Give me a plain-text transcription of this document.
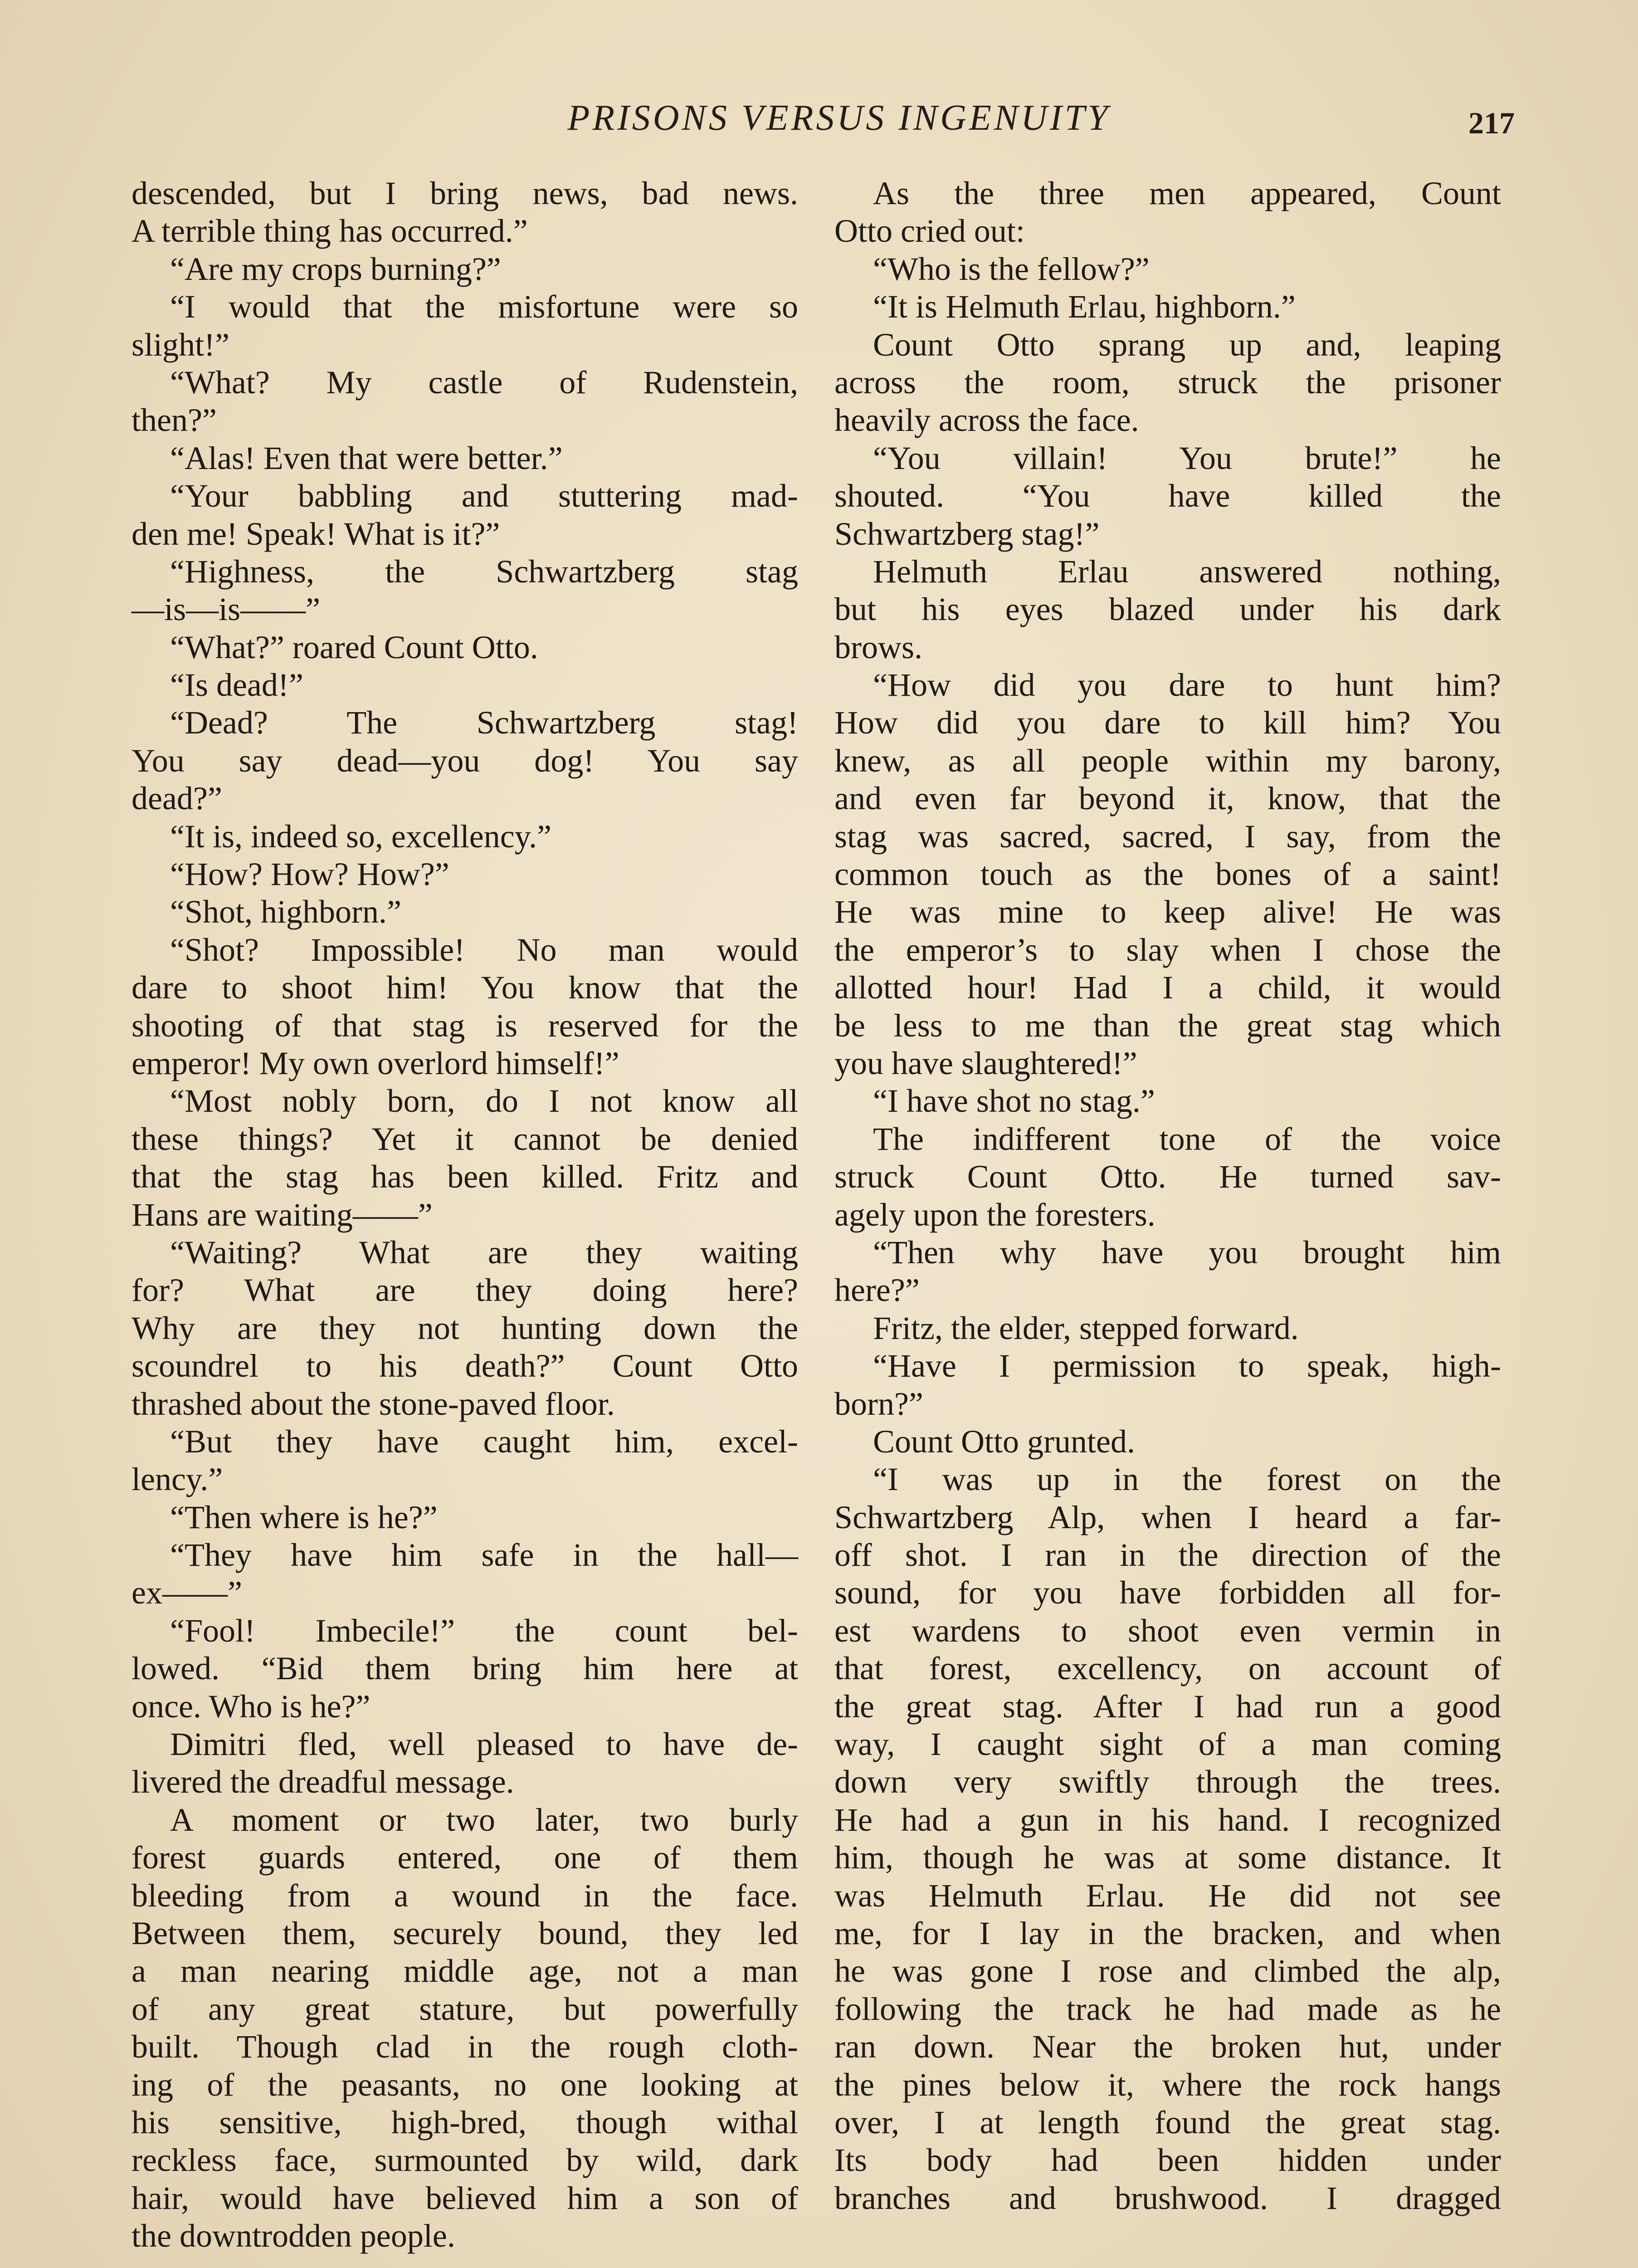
PRISONS VERSUS INGENUITY	217
descended, but I bring news, bad news.
A terrible thing has occurred.”
“Are my crops burning?”
“I would that the misfortune were so
slight!”
“What? My castle of Rudenstein,
then?”
“Alas! Even that were better.”
“Your babbling and stuttering mad-
den me! Speak! What is it?”
“Highness, the Schwartzberg stag
—is—is——”
“What?” roared Count Otto.
“Is dead!”
“Dead? The Schwartzberg stag!
You say dead—you dog! You say
dead?”
“It is, indeed so, excellency.”
“How? How? How?”
“Shot, highborn.”
“Shot? Impossible! No man would
dare to shoot him! You know that the
shooting of that stag is reserved for the
emperor! My own overlord himself!”
“Most nobly born, do I not know all
these things? Yet it cannot be denied
that the stag has been killed. Fritz and
Hans are waiting——”
“Waiting? What are they waiting
for? What are they doing here?
Why are they not hunting down the
scoundrel to his death?” Count Otto
thrashed about the stone-paved floor.
“But they have caught him, excel-
lency.”
“Then where is he?”
“They have him safe in the hall—
ex——”
“Fool! Imbecile!” the count bel-
lowed. “Bid them bring him here at
once. Who is he?”
Dimitri fled, well pleased to have de-
livered the dreadful message.
A moment or two later, two burly
forest guards entered, one of them
bleeding from a wound in the face.
Between them, securely bound, they led
a man nearing middle age, not a man
of any great stature, but powerfully
built. Though clad in the rough cloth-
ing of the peasants, no one looking at
his sensitive, high-bred, though withal
reckless face, surmounted by wild, dark
hair, would have believed him a son of
the downtrodden people.
As the three men appeared, Count
Otto cried out:
“Who is the fellow?”
“It is Helmuth Erlau, highborn.”
Count Otto sprang up and, leaping
across the room, struck the prisoner
heavily across the face.
“You villain! You brute!” he
shouted. “You have killed the
Schwartzberg stag!”
Helmuth Erlau answered nothing,
but his eyes blazed under his dark
brows.
“How did you dare to hunt him?
How did you dare to kill him? You
knew, as all people within my barony,
and even far beyond it, know, that the
stag was sacred, sacred, I say, from the
common touch as the bones of a saint!
He was mine to keep alive! He was
the emperor’s to slay when I chose the
allotted hour! Had I a child, it would
be less to me than the great stag which
you have slaughtered!”
“I have shot no stag.”
The indifferent tone of the voice
struck Count Otto. He turned sav-
agely upon the foresters.
“Then why have you brought him
here?”
Fritz, the elder, stepped forward.
“Have I permission to speak, high-
born?”
Count Otto grunted.
“I was up in the forest on the
Schwartzberg Alp, when I heard a far-
off shot. I ran in the direction of the
sound, for you have forbidden all for-
est wardens to shoot even vermin in
that forest, excellency, on account of
the great stag. After I had run a good
way, I caught sight of a man coming
down very swiftly through the trees.
He had a gun in his hand. I recognized
him, though he was at some distance. It
was Helmuth Erlau. He did not see
me, for I lay in the bracken, and when
he was gone I rose and climbed the alp,
following the track he had made as he
ran down. Near the broken hut, under
the pines below it, where the rock hangs
over, I at length found the great stag.
Its body had been hidden under
branches and brushwood. I dragged
